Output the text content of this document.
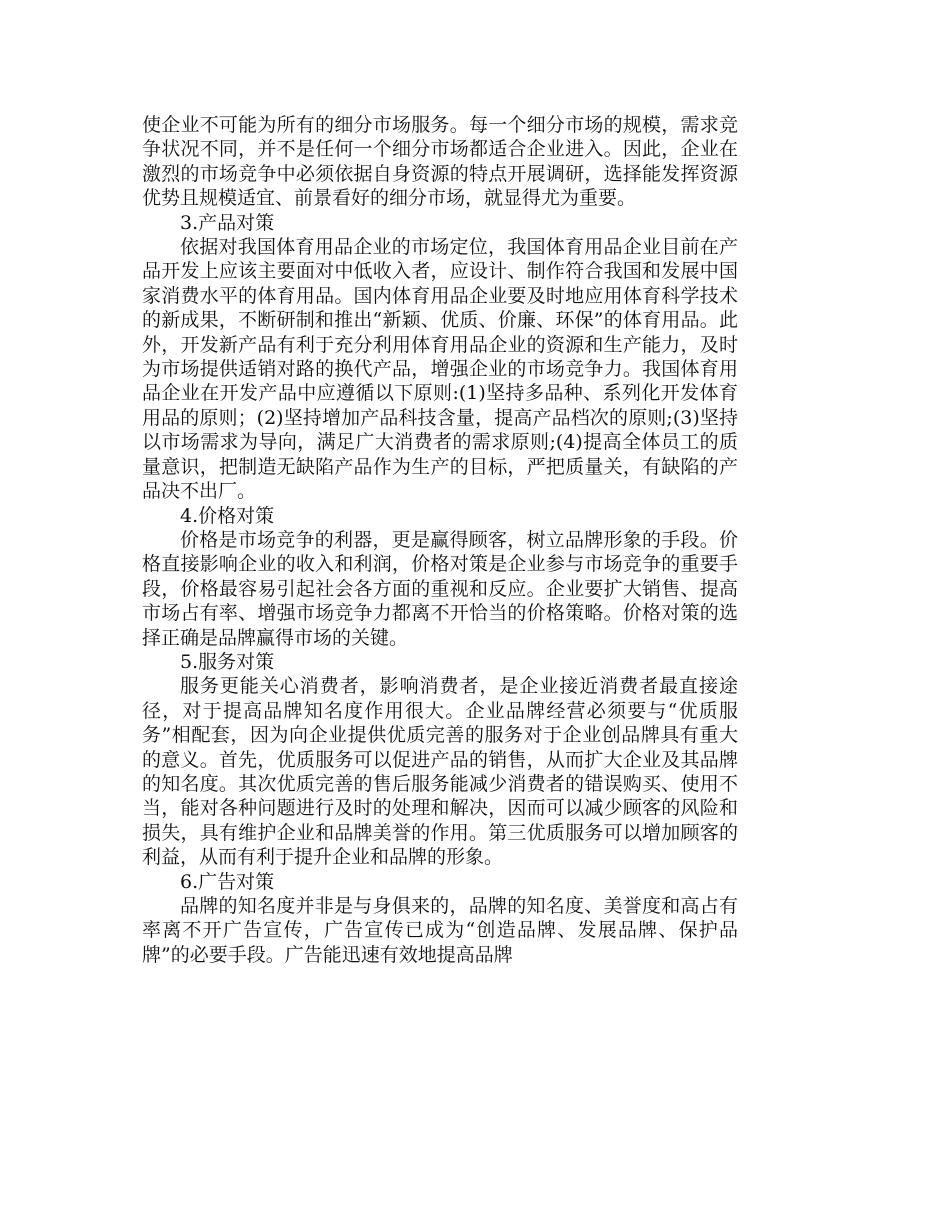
使企业不可能为所有的细分市场服务。每一个细分市场的规模，需求竞争状况不同，并不是任何一个细分市场都适合企业进入。因此，企业在激烈的市场竞争中必须依据自身资源的特点开展调研，选择能发挥资源优势且规模适宜、前景看好的细分市场，就显得尤为重要。

3.产品对策

依据对我国体育用品企业的市场定位，我国体育用品企业目前在产品开发上应该主要面对中低收入者，应设计、制作符合我国和发展中国家消费水平的体育用品。国内体育用品企业要及时地应用体育科学技术的新成果，不断研制和推出“新颖、优质、价廉、环保”的体育用品。此外，开发新产品有利于充分利用体育用品企业的资源和生产能力，及时为市场提供适销对路的换代产品，增强企业的市场竞争力。我国体育用品企业在开发产品中应遵循以下原则:(1)坚持多品种、系列化开发体育用品的原则；(2)坚持增加产品科技含量，提高产品档次的原则;(3)坚持以市场需求为导向，满足广大消费者的需求原则;(4)提高全体员工的质量意识，把制造无缺陷产品作为生产的目标，严把质量关，有缺陷的产品决不出厂。

4.价格对策

价格是市场竞争的利器，更是赢得顾客，树立品牌形象的手段。价格直接影响企业的收入和利润，价格对策是企业参与市场竞争的重要手段，价格最容易引起社会各方面的重视和反应。企业要扩大销售、提高市场占有率、增强市场竞争力都离不开恰当的价格策略。价格对策的选择正确是品牌赢得市场的关键。

5.服务对策

服务更能关心消费者，影响消费者，是企业接近消费者最直接途径，对于提高品牌知名度作用很大。企业品牌经营必须要与“优质服务”相配套，因为向企业提供优质完善的服务对于企业创品牌具有重大的意义。首先，优质服务可以促进产品的销售，从而扩大企业及其品牌的知名度。其次优质完善的售后服务能减少消费者的错误购买、使用不当，能对各种问题进行及时的处理和解决，因而可以减少顾客的风险和损失，具有维护企业和品牌美誉的作用。第三优质服务可以增加顾客的利益，从而有利于提升企业和品牌的形象。

6.广告对策

品牌的知名度并非是与身俱来的，品牌的知名度、美誉度和高占有率离不开广告宣传，广告宣传已成为“创造品牌、发展品牌、保护品牌”的必要手段。广告能迅速有效地提高品牌
